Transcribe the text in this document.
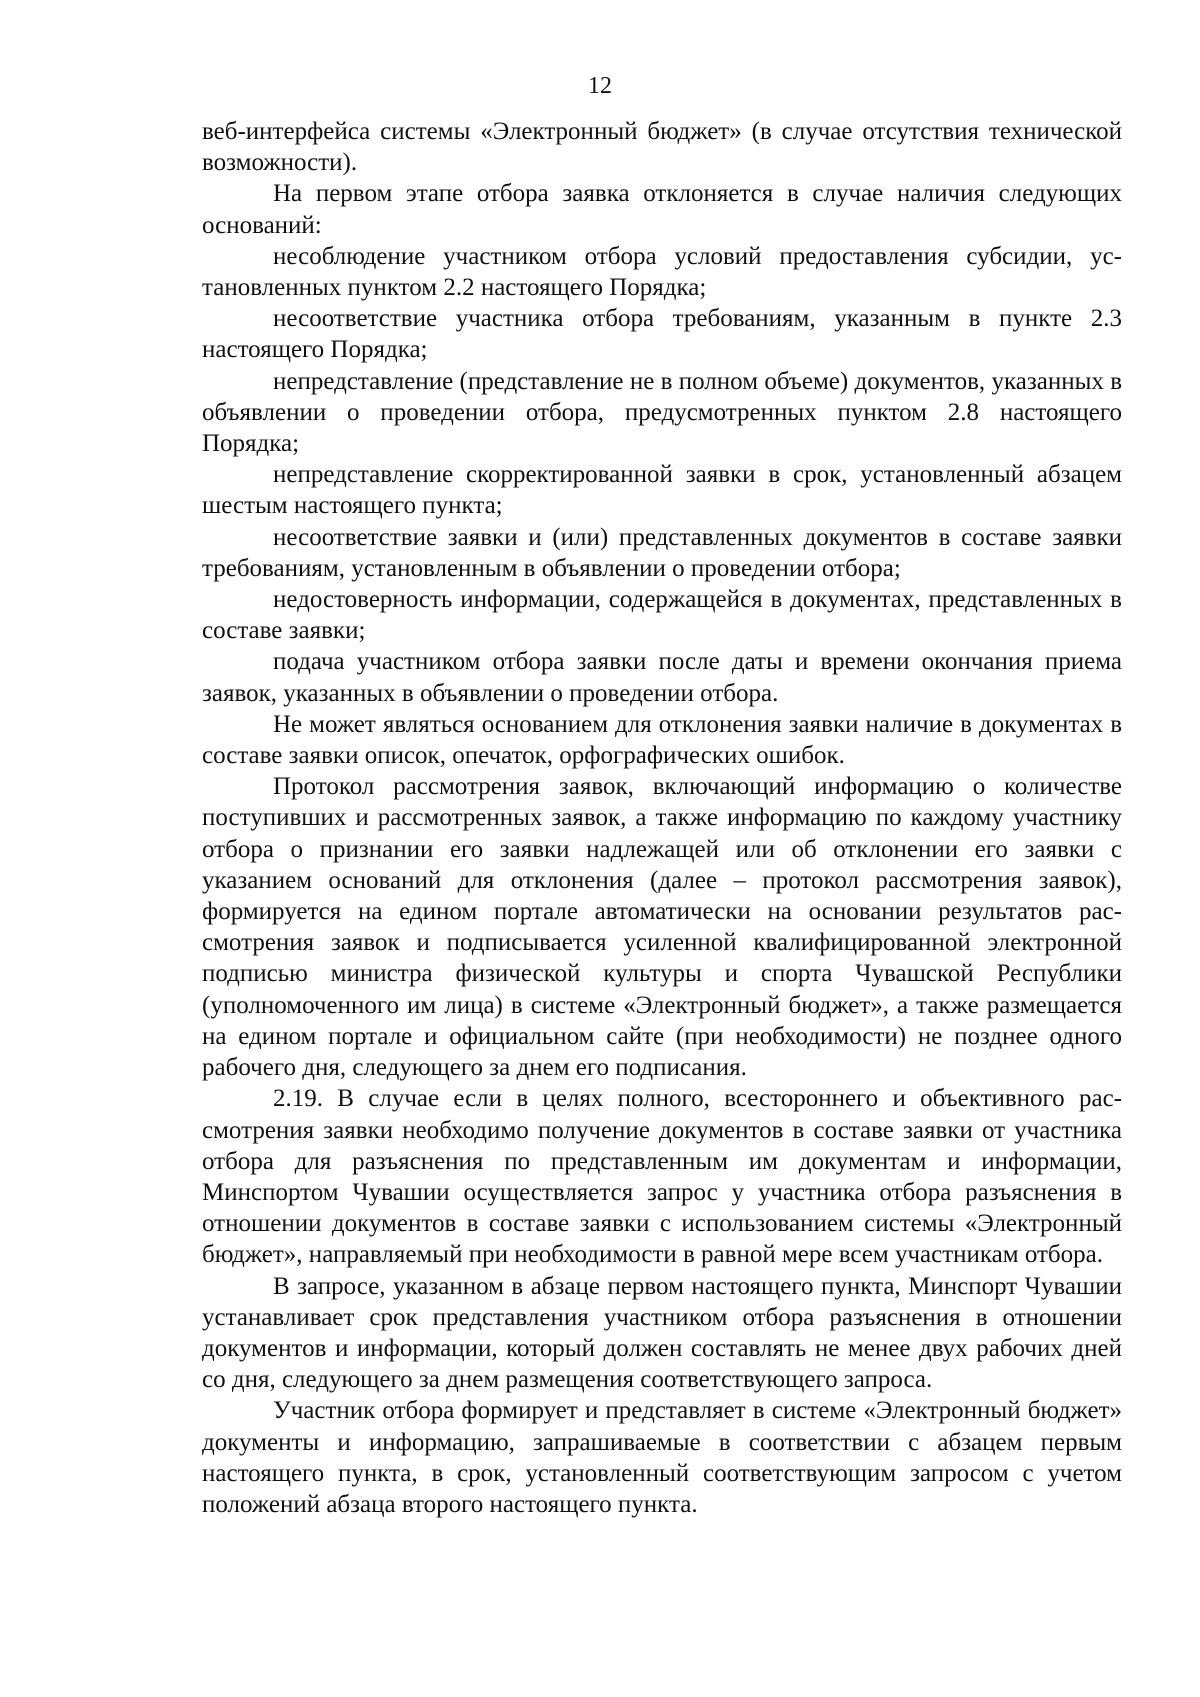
12

веб-интерфейса системы «Электронный бюджет» (в случае отсутствия технической возможности).

На первом этапе отбора заявка отклоняется в случае наличия следующих оснований:

несоблюдение участником отбора условий предоставления субсидии, установленных пунктом 2.2 настоящего Порядка;

несоответствие участника отбора требованиям, указанным в пункте 2.3 настоящего Порядка;

непредставление (представление не в полном объеме) документов, указанных в объявлении о проведении отбора, предусмотренных пунктом 2.8 настоящего Порядка;

непредставление скорректированной заявки в срок, установленный абзацем шестым настоящего пункта;

несоответствие заявки и (или) представленных документов в составе заявки требованиям, установленным в объявлении о проведении отбора;

недостоверность информации, содержащейся в документах, представленных в составе заявки;

подача участником отбора заявки после даты и времени окончания приема заявок, указанных в объявлении о проведении отбора.

Не может являться основанием для отклонения заявки наличие в документах в составе заявки описок, опечаток, орфографических ошибок.

Протокол рассмотрения заявок, включающий информацию о количестве поступивших и рассмотренных заявок, а также информацию по каждому участнику отбора о признании его заявки надлежащей или об отклонении его заявки с указанием оснований для отклонения (далее – протокол рассмотрения заявок), формируется на едином портале автоматически на основании результатов рассмотрения заявок и подписывается усиленной квалифицированной электронной подписью министра физической культуры и спорта Чувашской Республики (уполномоченного им лица) в системе «Электронный бюджет», а также размещается на едином портале и официальном сайте (при необходимости) не позднее одного рабочего дня, следующего за днем его подписания.

2.19. В случае если в целях полного, всестороннего и объективного рассмотрения заявки необходимо получение документов в составе заявки от участника отбора для разъяснения по представленным им документам и информации, Минспортом Чувашии осуществляется запрос у участника отбора разъяснения в отношении документов в составе заявки с использованием системы «Электронный бюджет», направляемый при необходимости в равной мере всем участникам отбора.

В запросе, указанном в абзаце первом настоящего пункта, Минспорт Чувашии устанавливает срок представления участником отбора разъяснения в отношении документов и информации, который должен составлять не менее двух рабочих дней со дня, следующего за днем размещения соответствующего запроса.

Участник отбора формирует и представляет в системе «Электронный бюджет» документы и информацию, запрашиваемые в соответствии с абзацем первым настоящего пункта, в срок, установленный соответствующим запросом с учетом положений абзаца второго настоящего пункта.
